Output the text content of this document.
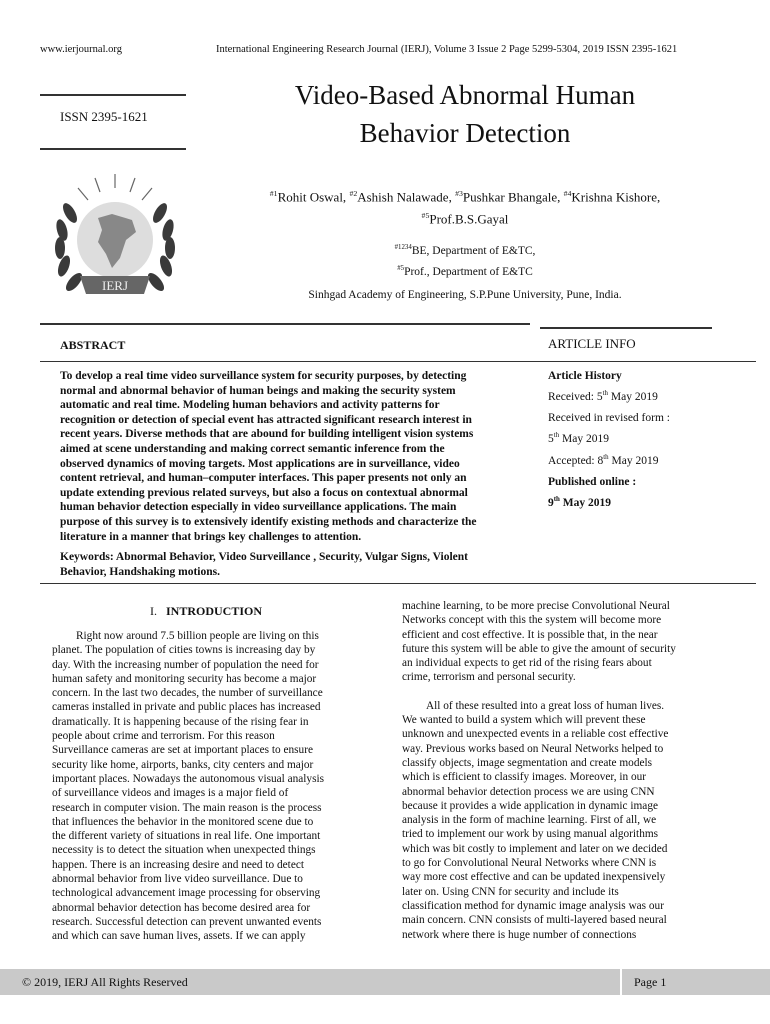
www.ierjournal.org	International Engineering Research Journal (IERJ), Volume 3 Issue 2 Page 5299-5304, 2019 ISSN 2395-1621
ISSN 2395-1621
IERJ
Video-Based Abnormal Human
Behavior Detection
$^{\#1}$Rohit Oswal, $^{\#2}$Ashish Nalawade, $^{\#3}$Pushkar Bhangale, $^{\#4}$Krishna Kishore,
$^{\#5}$Prof.B.S.Gayal
$^{\#1234}$BE, Department of E&TC,
$^{\#5}$Prof., Department of E&TC
Sinhgad Academy of Engineering, S.P.Pune University, Pune, India.
ABSTRACT	ARTICLE INFO
To develop a real time video surveillance system for security purposes, by detecting
normal and abnormal behavior of human beings and making the security system
automatic and real time. Modeling human behaviors and activity patterns for
recognition or detection of special event has attracted significant research interest in
recent years. Diverse methods that are abound for building intelligent vision systems
aimed at scene understanding and making correct semantic inference from the
observed dynamics of moving targets. Most applications are in surveillance, video
content retrieval, and human–computer interfaces. This paper presents not only an
update extending previous related surveys, but also a focus on contextual abnormal
human behavior detection especially in video surveillance applications. The main
purpose of this survey is to extensively identify existing methods and characterize the
literature in a manner that brings key challenges to attention.
Keywords: Abnormal Behavior, Video Surveillance , Security, Vulgar Signs, Violent
Behavior, Handshaking motions.
Article History
Received: 5th May 2019
Received in revised form :
5th May 2019
Accepted: 8th May 2019
Published online :
9th May 2019
I. INTRODUCTION
Right now around 7.5 billion people are living on this
planet. The population of cities towns is increasing day by
day. With the increasing number of population the need for
human safety and monitoring security has become a major
concern. In the last two decades, the number of surveillance
cameras installed in private and public places has increased
dramatically. It is happening because of the rising fear in
people about crime and terrorism. For this reason
Surveillance cameras are set at important places to ensure
security like home, airports, banks, city centers and major
important places. Nowadays the autonomous visual analysis
of surveillance videos and images is a major field of
research in computer vision. The main reason is the process
that influences the behavior in the monitored scene due to
the different variety of situations in real life. One important
necessity is to detect the situation when unexpected things
happen. There is an increasing desire and need to detect
abnormal behavior from live video surveillance. Due to
technological advancement image processing for observing
abnormal behavior detection has become desired area for
research. Successful detection can prevent unwanted events
and which can save human lives, assets. If we can apply
machine learning, to be more precise Convolutional Neural
Networks concept with this the system will become more
efficient and cost effective. It is possible that, in the near
future this system will be able to give the amount of security
an individual expects to get rid of the rising fears about
crime, terrorism and personal security.
All of these resulted into a great loss of human lives.
We wanted to build a system which will prevent these
unknown and unexpected events in a reliable cost effective
way. Previous works based on Neural Networks helped to
classify objects, image segmentation and create models
which is efficient to classify images. Moreover, in our
abnormal behavior detection process we are using CNN
because it provides a wide application in dynamic image
analysis in the form of machine learning. First of all, we
tried to implement our work by using manual algorithms
which was bit costly to implement and later on we decided
to go for Convolutional Neural Networks where CNN is
way more cost effective and can be updated inexpensively
later on. Using CNN for security and include its
classification method for dynamic image analysis was our
main concern. CNN consists of multi-layered based neural
network where there is huge number of connections
© 2019, IERJ All Rights Reserved	Page 1
